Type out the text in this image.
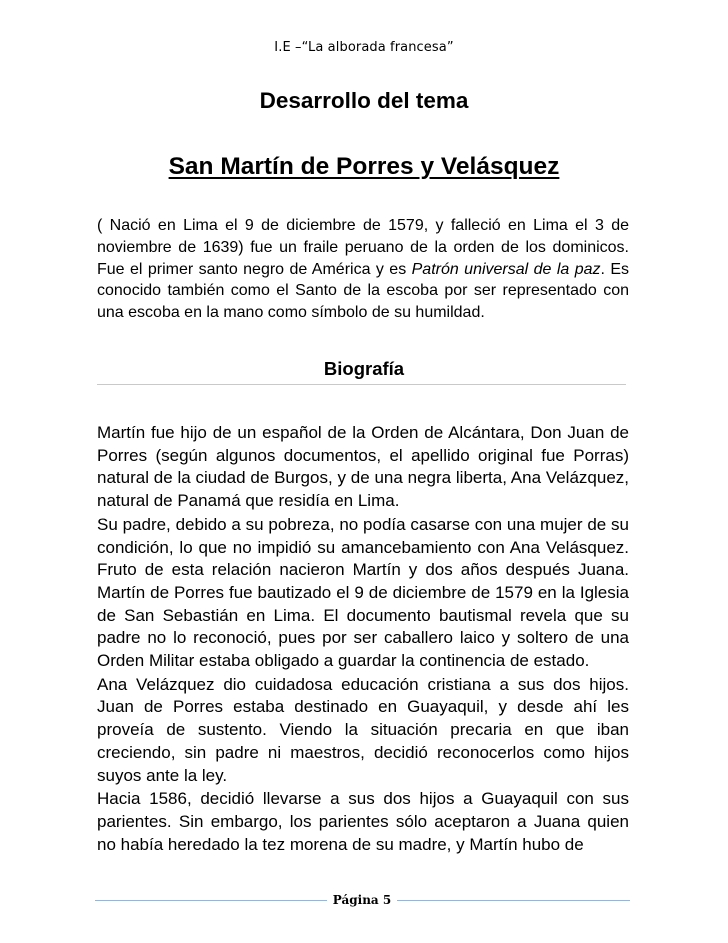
I.E –“La alborada francesa”
Desarrollo del tema
San Martín de Porres y Velásquez

( Nació en Lima el 9 de diciembre de 1579, y falleció en Lima el 3 de noviembre de 1639) fue un fraile peruano de la orden de los dominicos. Fue el primer santo negro de América y es Patrón universal de la paz. Es conocido también como el Santo de la escoba por ser representado con una escoba en la mano como símbolo de su humildad.

Biografía

Martín fue hijo de un español de la Orden de Alcántara, Don Juan de Porres (según algunos documentos, el apellido original fue Porras) natural de la ciudad de Burgos, y de una negra liberta, Ana Velázquez, natural de Panamá que residía en Lima.

Su padre, debido a su pobreza, no podía casarse con una mujer de su condición, lo que no impidió su amancebamiento con Ana Velásquez. Fruto de esta relación nacieron Martín y dos años después Juana. Martín de Porres fue bautizado el 9 de diciembre de 1579 en la Iglesia de San Sebastián en Lima. El documento bautismal revela que su padre no lo reconoció, pues por ser caballero laico y soltero de una Orden Militar estaba obligado a guardar la continencia de estado.

Ana Velázquez dio cuidadosa educación cristiana a sus dos hijos. Juan de Porres estaba destinado en Guayaquil, y desde ahí les proveía de sustento. Viendo la situación precaria en que iban creciendo, sin padre ni maestros, decidió reconocerlos como hijos suyos ante la ley.

Hacia 1586, decidió llevarse a sus dos hijos a Guayaquil con sus parientes. Sin embargo, los parientes sólo aceptaron a Juana quien no había heredado la tez morena de su madre, y Martín hubo de

Página 5
